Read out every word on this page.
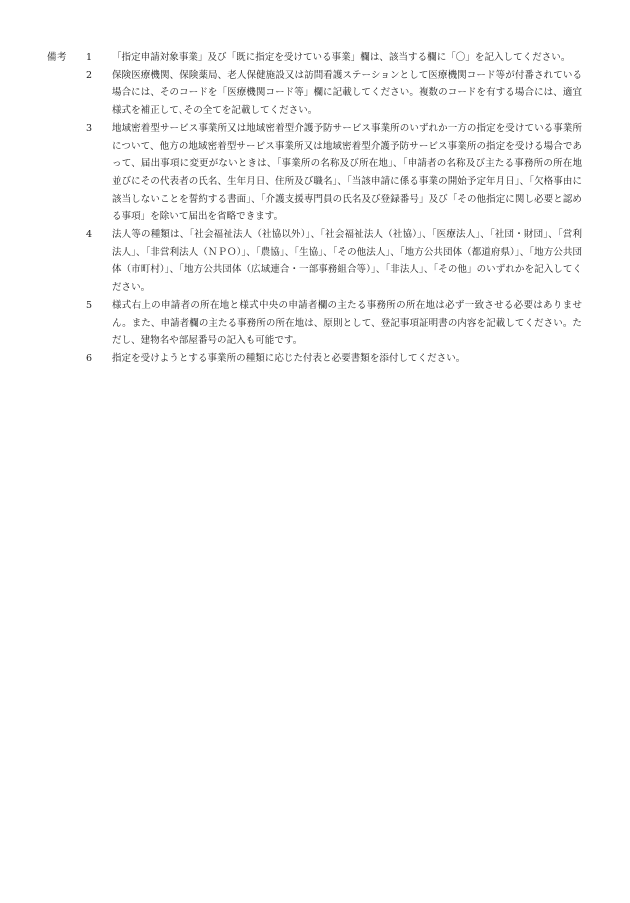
備考 1	「指定申請対象事業」及び「既に指定を受けている事業」欄は、該当する欄に「〇」を記入してください。
2	保険医療機関、保険薬局、老人保健施設又は訪問看護ステーションとして医療機関コード等が付番されている場合には、そのコードを「医療機関コード等」欄に記載してください。複数のコードを有する場合には、適宜様式を補正して､その全てを記載してください。
3	地域密着型サービス事業所又は地域密着型介護予防サービス事業所のいずれか一方の指定を受けている事業所について、他方の地域密着型サービス事業所又は地域密着型介護予防サービス事業所の指定を受ける場合であって、届出事項に変更がないときは、「事業所の名称及び所在地」、「申請者の名称及び主たる事務所の所在地並びにその代表者の氏名、生年月日、住所及び職名」、「当該申請に係る事業の開始予定年月日」、「欠格事由に該当しないことを誓約する書面」、「介護支援専門員の氏名及び登録番号」及び「その他指定に関し必要と認める事項」を除いて届出を省略できます。
4	法人等の種類は、「社会福祉法人（社協以外）」、「社会福祉法人（社協）」、「医療法人」、「社団・財団」、「営利法人」、「非営利法人（ＮＰＯ）」、「農協」、「生協」、「その他法人」、「地方公共団体（都道府県）」、「地方公共団体（市町村）」、「地方公共団体（広域連合・一部事務組合等）」、「非法人」、「その他」のいずれかを記入してください。
5	様式右上の申請者の所在地と様式中央の申請者欄の主たる事務所の所在地は必ず一致させる必要はありません。また、申請者欄の主たる事務所の所在地は、原則として、登記事項証明書の内容を記載してください。ただし、建物名や部屋番号の記入も可能です。
6	指定を受けようとする事業所の種類に応じた付表と必要書類を添付してください。
